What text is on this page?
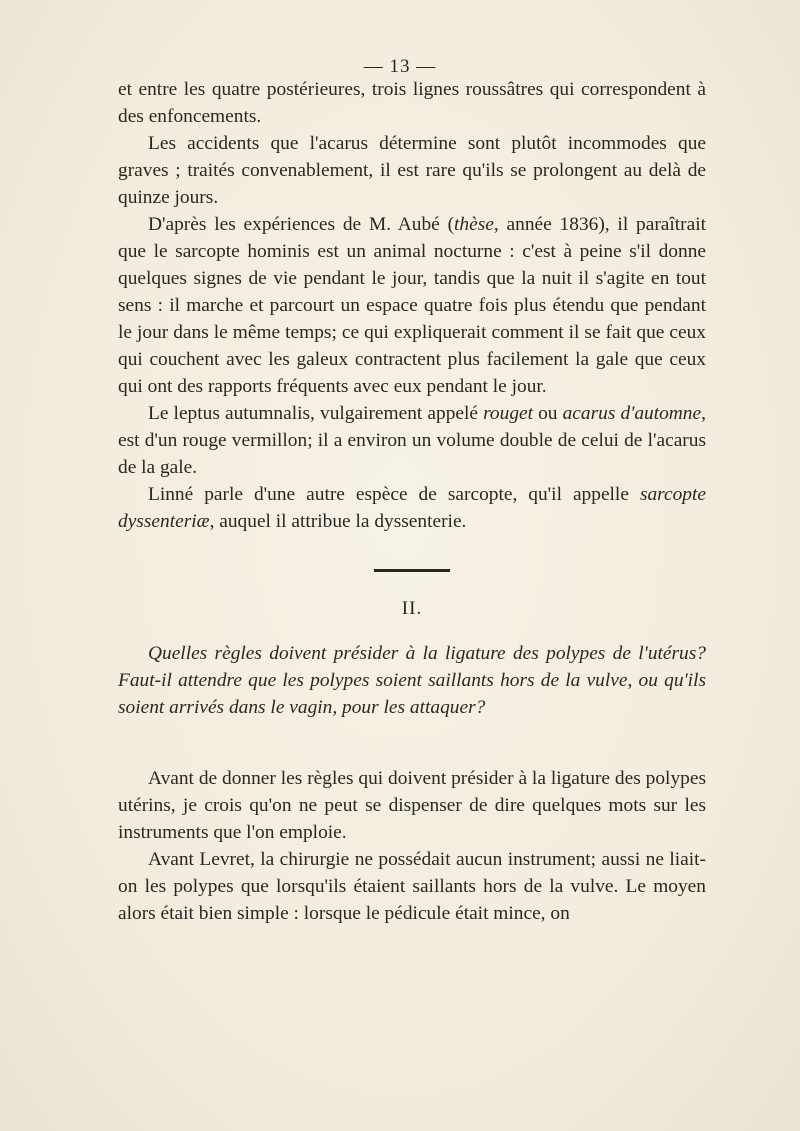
— 13 —

et entre les quatre postérieures, trois lignes roussâtres qui correspondent à des enfoncements.

Les accidents que l'acarus détermine sont plutôt incommodes que graves ; traités convenablement, il est rare qu'ils se prolongent au delà de quinze jours.

D'après les expériences de M. Aubé (thèse, année 1836), il paraîtrait que le sarcopte hominis est un animal nocturne : c'est à peine s'il donne quelques signes de vie pendant le jour, tandis que la nuit il s'agite en tout sens : il marche et parcourt un espace quatre fois plus étendu que pendant le jour dans le même temps; ce qui expliquerait comment il se fait que ceux qui couchent avec les galeux contractent plus facilement la gale que ceux qui ont des rapports fréquents avec eux pendant le jour.

Le leptus autumnalis, vulgairement appelé rouget ou acarus d'automne, est d'un rouge vermillon; il a environ un volume double de celui de l'acarus de la gale.

Linné parle d'une autre espèce de sarcopte, qu'il appelle sarcopte dyssenteriæ, auquel il attribue la dyssenterie.

II.

Quelles règles doivent présider à la ligature des polypes de l'utérus? Faut-il attendre que les polypes soient saillants hors de la vulve, ou qu'ils soient arrivés dans le vagin, pour les attaquer?

Avant de donner les règles qui doivent présider à la ligature des polypes utérins, je crois qu'on ne peut se dispenser de dire quelques mots sur les instruments que l'on emploie.

Avant Levret, la chirurgie ne possédait aucun instrument; aussi ne liait-on les polypes que lorsqu'ils étaient saillants hors de la vulve. Le moyen alors était bien simple : lorsque le pédicule était mince, on
